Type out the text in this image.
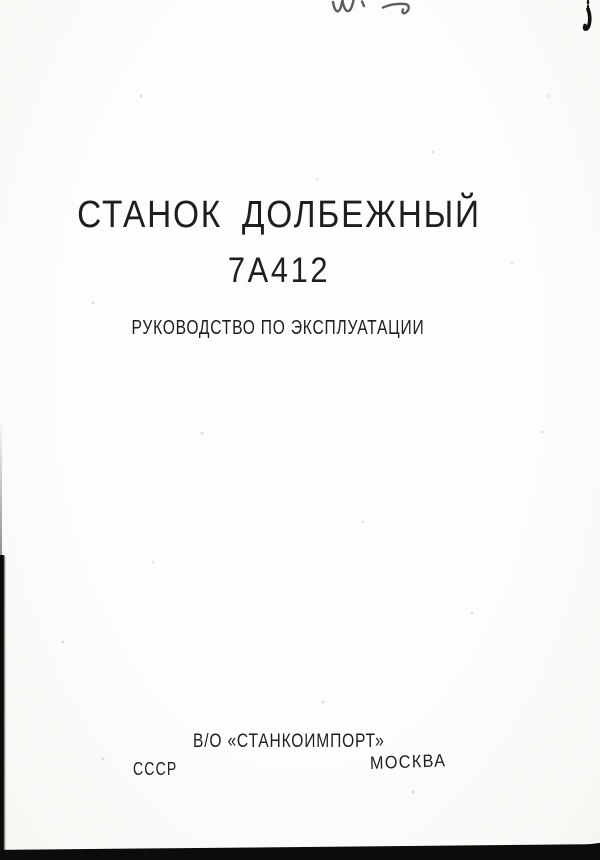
СТАНОК ДОЛБЕЖНЫЙ
7А412
РУКОВОДСТВО ПО ЭКСПЛУАТАЦИИ
В/О «СТАНКОИМПОРТ»
СССР	МОСКВА
